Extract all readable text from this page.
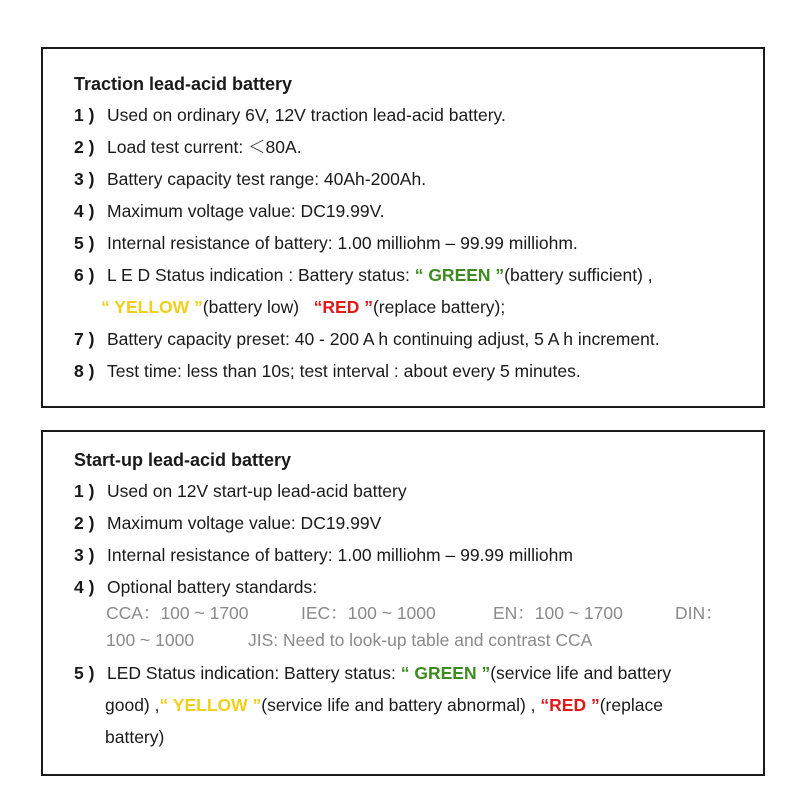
Traction lead-acid battery
1 ) Used on ordinary 6V, 12V traction lead-acid battery.
2 ) Load test current: ＜80A.
3 ) Battery capacity test range: 40Ah-200Ah.
4 ) Maximum voltage value: DC19.99V.
5 ) Internal resistance of battery: 1.00 milliohm – 99.99 milliohm.
6 ) L E D Status indication : Battery status: “ GREEN ”(battery sufficient) ,
“ YELLOW ”(battery low) “RED ”(replace battery);
7 ) Battery capacity preset: 40 - 200 A h continuing adjust, 5 A h increment.
8 ) Test time: less than 10s; test interval : about every 5 minutes.
Start-up lead-acid battery
1 ) Used on 12V start-up lead-acid battery
2 ) Maximum voltage value: DC19.99V
3 ) Internal resistance of battery: 1.00 milliohm – 99.99 milliohm
4 ) Optional battery standards:
CCA：100 ~ 1700	IEC：100 ~ 1000	EN：100 ~ 1700	DIN：
100 ~ 1000	JIS: Need to look-up table and contrast CCA
5 ) LED Status indication: Battery status: “ GREEN ”(service life and battery
good) ,“ YELLOW ”(service life and battery abnormal) , “RED ”(replace
battery)
